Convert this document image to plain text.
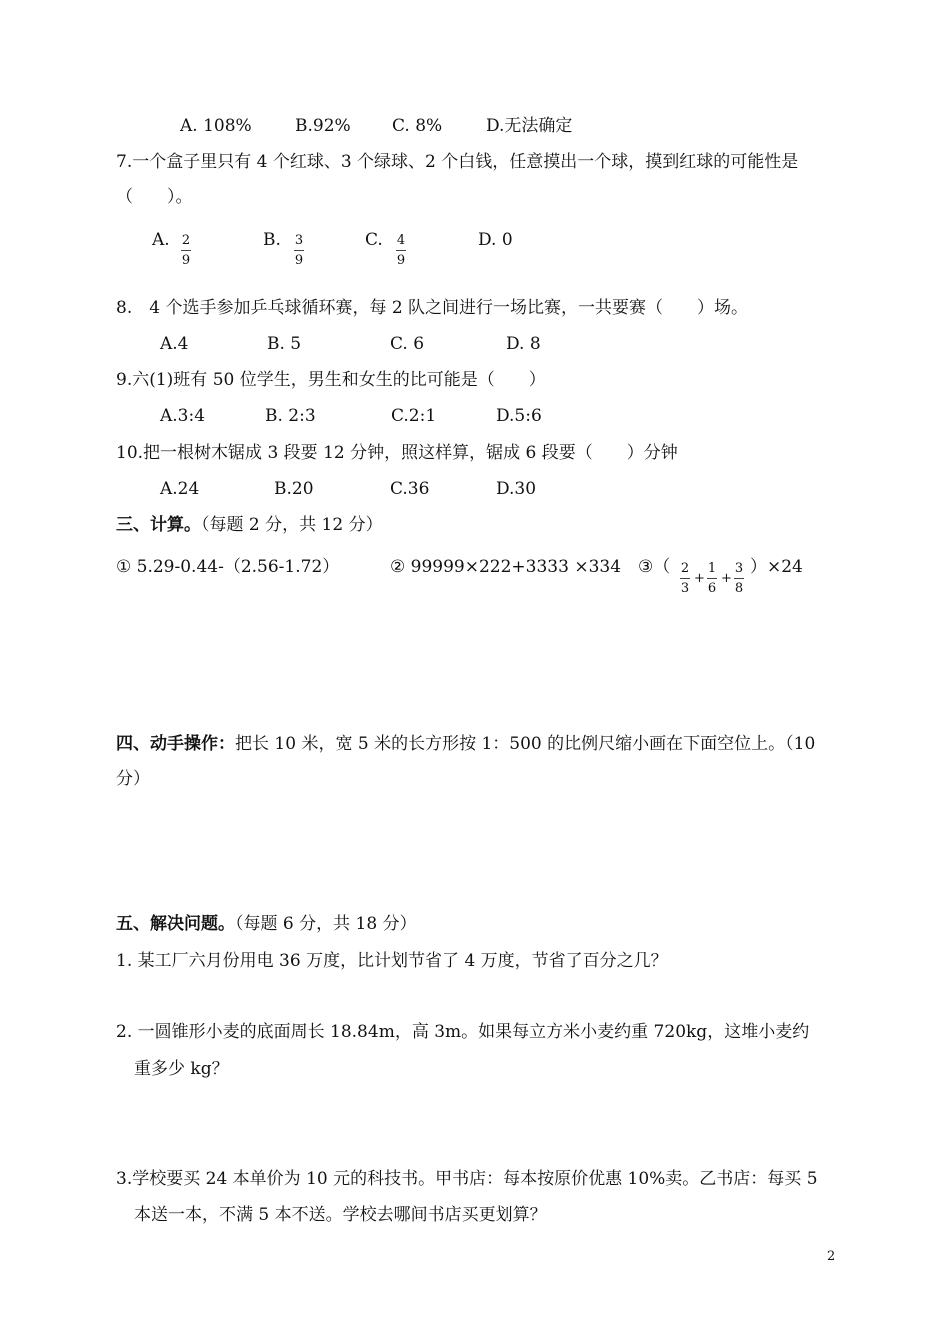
A. 108%	B.92% C. 8%	D.无法确定
7.一个盒子里只有 4 个红球、3 个绿球、2 个白钱，任意摸出一个球，摸到红球的可能性是
（　　）。
A. 2
9
B. 3
9
C. 4
9
D. 0
8.　4 个选手参加乒乓球循环赛，每 2 队之间进行一场比赛，一共要赛（　　）场。
A.4	B. 5	C. 6	D. 8
9.六(1)班有 50 位学生，男生和女生的比可能是（　　）
A.3:4	B. 2:3	C.2:1	D.5:6
10.把一根树木锯成 3 段要 12 分钟，照这样算，锯成 6 段要（　　）分钟
A.24	B.20	C.36	D.30
三、计算。（每题 2 分，共 12 分）
① 5.29-0.44-（2.56-1.72）	② 99999×222+3333 ×334 ③（ 2
3
+
1
6
+
3
8
）×24
四、动手操作：把长 10 米，宽 5 米的长方形按 1：500 的比例尺缩小画在下面空位上。（10
分）
五、解决问题。（每题 6 分，共 18 分）
1. 某工厂六月份用电 36 万度，比计划节省了 4 万度，节省了百分之几？
2. 一圆锥形小麦的底面周长 18.84m，高 3m。如果每立方米小麦约重 720kg，这堆小麦约
重多少 kg？
3.学校要买 24 本单价为 10 元的科技书。甲书店：每本按原价优惠 10%卖。乙书店：每买 5
本送一本，不满 5 本不送。学校去哪间书店买更划算？
2
